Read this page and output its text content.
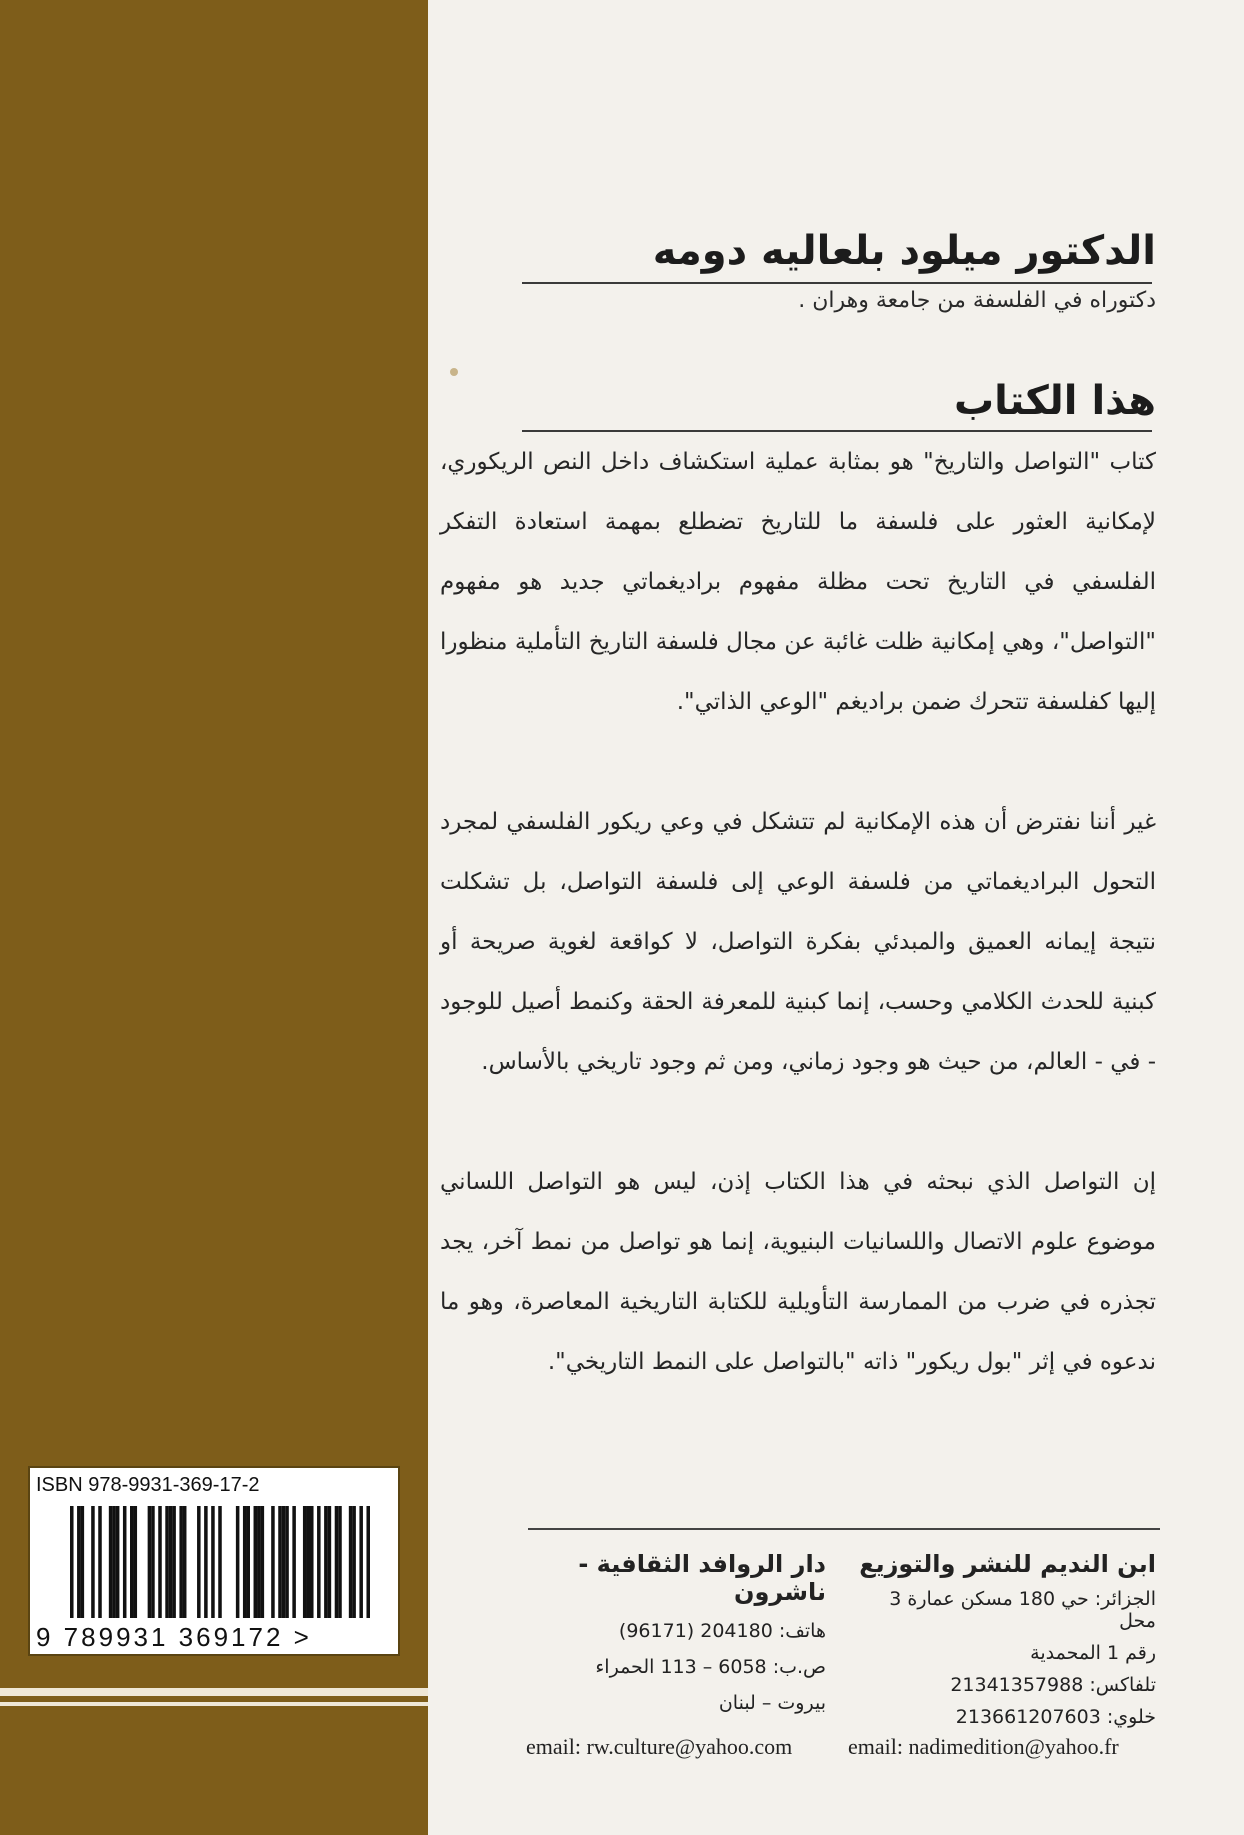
الدكتور ميلود بلعاليه دومه
دكتوراه في الفلسفة من جامعة وهران .
هذا الكتاب

كتاب "التواصل والتاريخ" هو بمثابة عملية استكشاف داخل النص الريكوري، لإمكانية العثور على فلسفة ما للتاريخ تضطلع بمهمة استعادة التفكر الفلسفي في التاريخ تحت مظلة مفهوم براديغماتي جديد هو مفهوم "التواصل"، وهي إمكانية ظلت غائبة عن مجال فلسفة التاريخ التأملية منظورا إليها كفلسفة تتحرك ضمن براديغم "الوعي الذاتي".

غير أننا نفترض أن هذه الإمكانية لم تتشكل في وعي ريكور الفلسفي لمجرد التحول البراديغماتي من فلسفة الوعي إلى فلسفة التواصل، بل تشكلت نتيجة إيمانه العميق والمبدئي بفكرة التواصل، لا كواقعة لغوية صريحة أو كبنية للحدث الكلامي وحسب، إنما كبنية للمعرفة الحقة وكنمط أصيل للوجود - في - العالم، من حيث هو وجود زماني، ومن ثم وجود تاريخي بالأساس.

إن التواصل الذي نبحثه في هذا الكتاب إذن، ليس هو التواصل اللساني موضوع علوم الاتصال واللسانيات البنيوية، إنما هو تواصل من نمط آخر، يجد تجذره في ضرب من الممارسة التأويلية للكتابة التاريخية المعاصرة، وهو ما ندعوه في إثر "بول ريكور" ذاته "بالتواصل على النمط التاريخي".

ISBN 978-9931-369-17-2
9 789931 369172 >
ابن النديم للنشر والتوزيع
الجزائر: حي 180 مسكن عمارة 3 محل
رقم 1 المحمدية
تلفاكس: 21341357988
خلوي: 213661207603
email: nadimedition@yahoo.fr
دار الروافد الثقافية - ناشرون
هاتف: 204180 (96171)
ص.ب: 6058 – 113 الحمراء
بيروت – لبنان
email: rw.culture@yahoo.com
